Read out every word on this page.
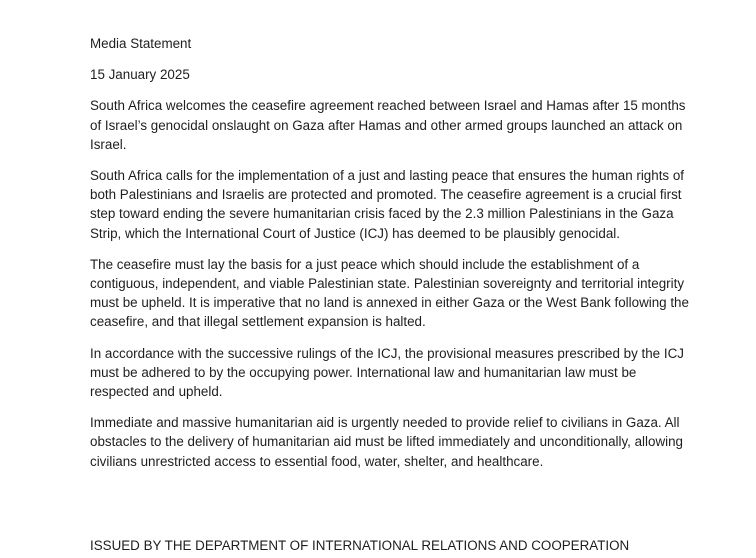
Media Statement

15 January 2025

South Africa welcomes the ceasefire agreement reached between Israel and Hamas after 15 months of Israel’s genocidal onslaught on Gaza after Hamas and other armed groups launched an attack on Israel.

South Africa calls for the implementation of a just and lasting peace that ensures the human rights of both Palestinians and Israelis are protected and promoted. The ceasefire agreement is a crucial first step toward ending the severe humanitarian crisis faced by the 2.3 million Palestinians in the Gaza Strip, which the International Court of Justice (ICJ) has deemed to be plausibly genocidal.

The ceasefire must lay the basis for a just peace which should include the establishment of a contiguous, independent, and viable Palestinian state. Palestinian sovereignty and territorial integrity must be upheld. It is imperative that no land is annexed in either Gaza or the West Bank following the ceasefire, and that illegal settlement expansion is halted.

In accordance with the successive rulings of the ICJ, the provisional measures prescribed by the ICJ must be adhered to by the occupying power. International law and humanitarian law must be respected and upheld.

Immediate and massive humanitarian aid is urgently needed to provide relief to civilians in Gaza. All obstacles to the delivery of humanitarian aid must be lifted immediately and unconditionally, allowing civilians unrestricted access to essential food, water, shelter, and healthcare.

ISSUED BY THE DEPARTMENT OF INTERNATIONAL RELATIONS AND COOPERATION
